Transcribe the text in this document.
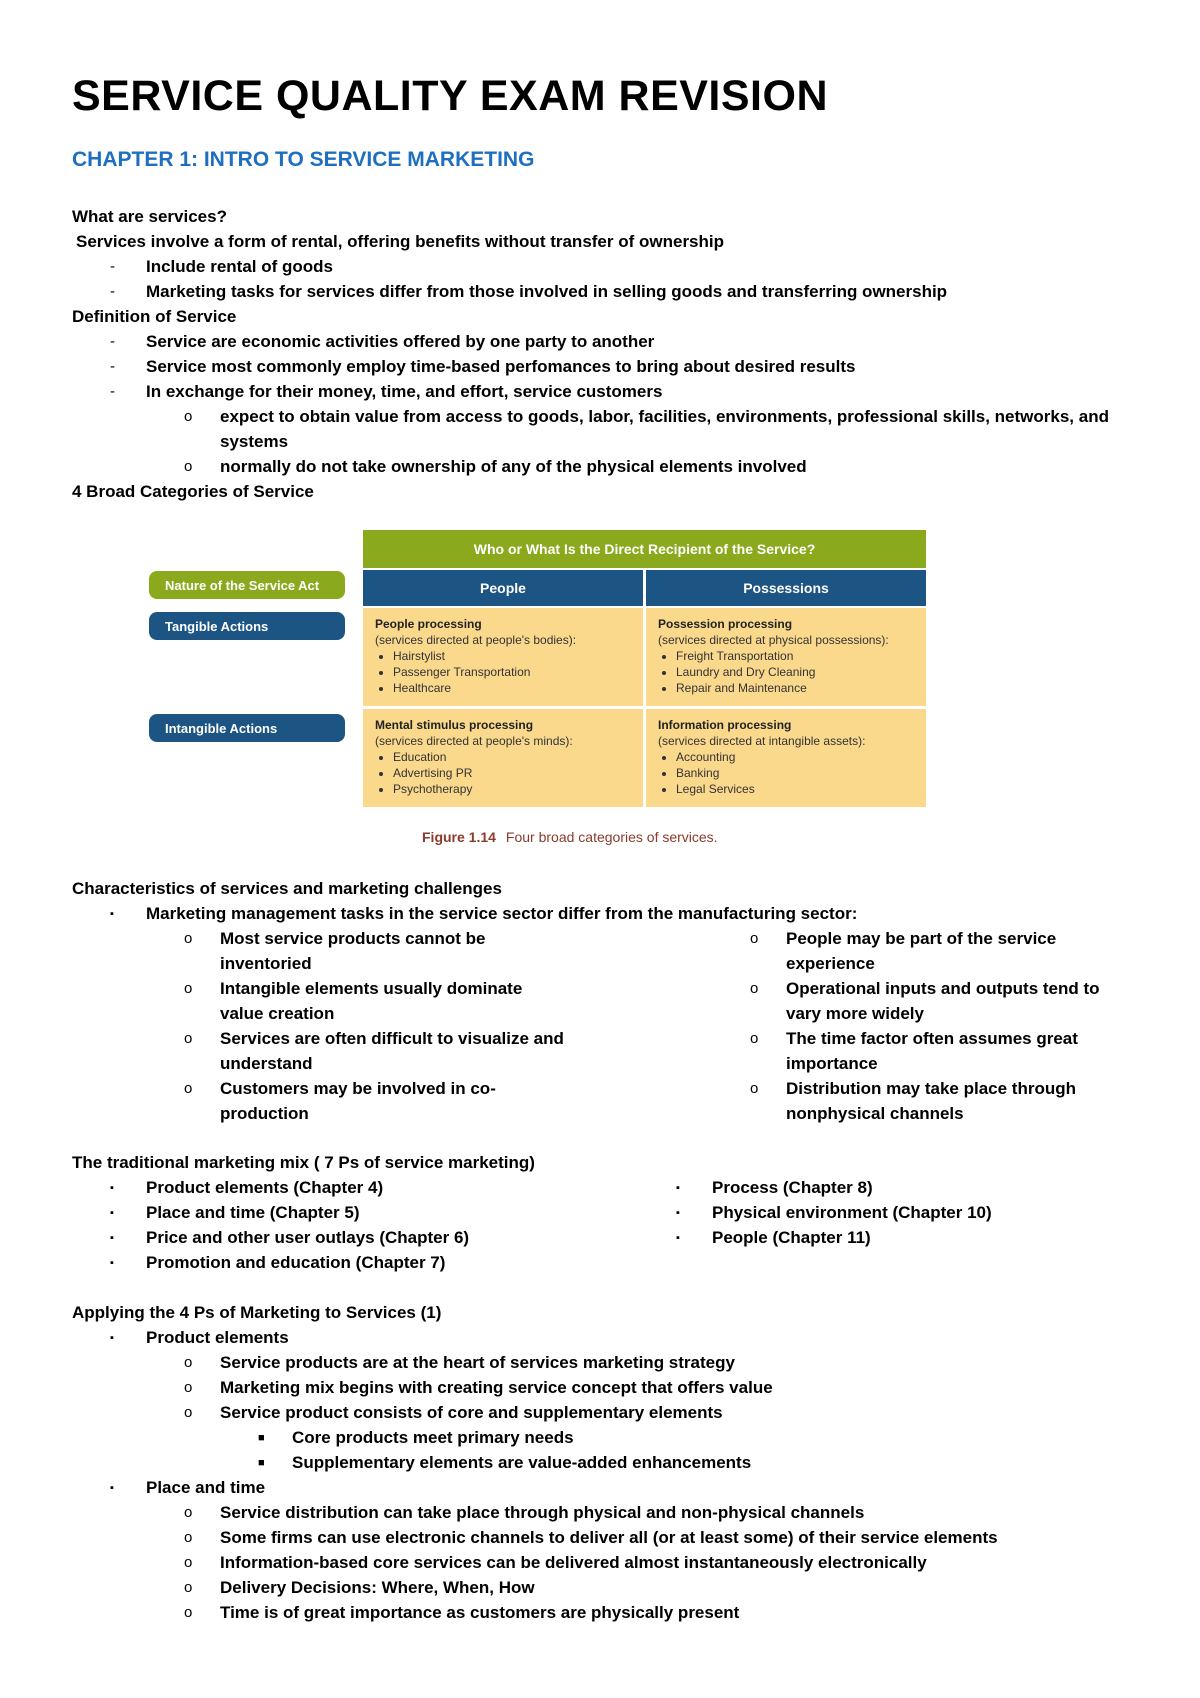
SERVICE QUALITY EXAM REVISION
CHAPTER 1: INTRO TO SERVICE MARKETING
What are services?
Services involve a form of rental, offering benefits without transfer of ownership
- Include rental of goods
- Marketing tasks for services differ from those involved in selling goods and transferring ownership
Definition of Service
- Service are economic activities offered by one party to another
- Service most commonly employ time-based perfomances to bring about desired results
- In exchange for their money, time, and effort, service customers
o expect to obtain value from access to goods, labor, facilities, environments, professional skills, networks, and
systems
o normally do not take ownership of any of the physical elements involved
4 Broad Categories of Service
Who or What Is the Direct Recipient of the Service?
People	Possessions
Nature of the Service Act
Tangible Actions
Intangible Actions
People processing
(services directed at people's bodies):
• Hairstylist
• Passenger Transportation
• Healthcare
Possession processing
(services directed at physical possessions):
• Freight Transportation
• Laundry and Dry Cleaning
• Repair and Maintenance
Mental stimulus processing
(services directed at people's minds):
• Education
• Advertising PR
• Psychotherapy
Information processing
(services directed at intangible assets):
• Accounting
• Banking
• Legal Services
Figure 1.14 Four broad categories of services.
Characteristics of services and marketing challenges
▪ Marketing management tasks in the service sector differ from the manufacturing sector:
o Most service products cannot be
inventoried
o Intangible elements usually dominate
value creation
o Services are often difficult to visualize and
understand
o Customers may be involved in co-
production
o People may be part of the service
experience
o Operational inputs and outputs tend to
vary more widely
o The time factor often assumes great
importance
o Distribution may take place through
nonphysical channels
The traditional marketing mix ( 7 Ps of service marketing)
▪ Product elements (Chapter 4)
▪ Place and time (Chapter 5)
▪ Price and other user outlays (Chapter 6)
▪ Promotion and education (Chapter 7)
▪ Process (Chapter 8)
▪ Physical environment (Chapter 10)
▪ People (Chapter 11)
Applying the 4 Ps of Marketing to Services (1)
▪ Product elements
o Service products are at the heart of services marketing strategy
o Marketing mix begins with creating service concept that offers value
o Service product consists of core and supplementary elements
■ Core products meet primary needs
■ Supplementary elements are value-added enhancements
▪ Place and time
o Service distribution can take place through physical and non-physical channels
o Some firms can use electronic channels to deliver all (or at least some) of their service elements
o Information-based core services can be delivered almost instantaneously electronically
o Delivery Decisions: Where, When, How
o Time is of great importance as customers are physically present
